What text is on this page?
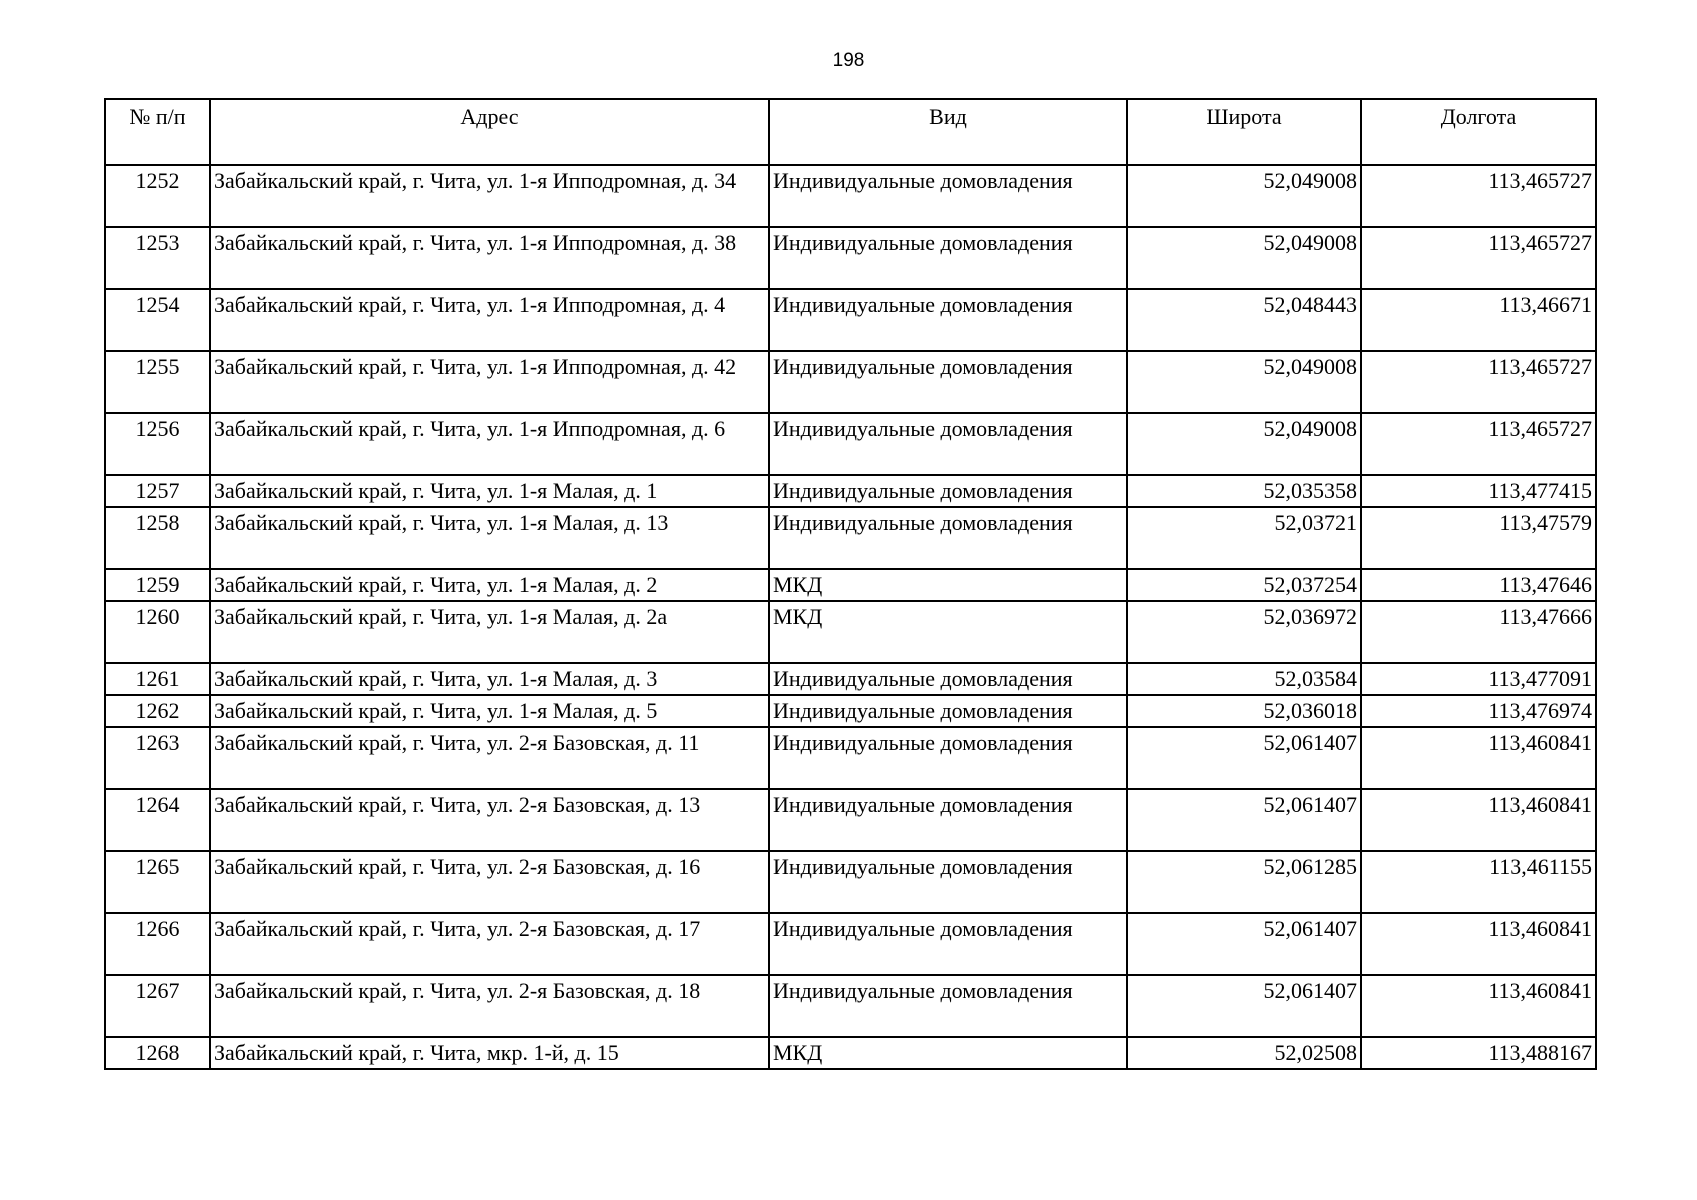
198
№ п/п	Адрес	Вид	Широта	Долгота
1252	Забайкальский край, г. Чита, ул. 1-я Ипподромная, д. 34	Индивидуальные домовладения	52,049008	113,465727
1253	Забайкальский край, г. Чита, ул. 1-я Ипподромная, д. 38	Индивидуальные домовладения	52,049008	113,465727
1254	Забайкальский край, г. Чита, ул. 1-я Ипподромная, д. 4	Индивидуальные домовладения	52,048443	113,46671
1255	Забайкальский край, г. Чита, ул. 1-я Ипподромная, д. 42	Индивидуальные домовладения	52,049008	113,465727
1256	Забайкальский край, г. Чита, ул. 1-я Ипподромная, д. 6	Индивидуальные домовладения	52,049008	113,465727
1257	Забайкальский край, г. Чита, ул. 1-я Малая, д. 1	Индивидуальные домовладения	52,035358	113,477415
1258	Забайкальский край, г. Чита, ул. 1-я Малая, д. 13	Индивидуальные домовладения	52,03721	113,47579
1259	Забайкальский край, г. Чита, ул. 1-я Малая, д. 2	МКД	52,037254	113,47646
1260	Забайкальский край, г. Чита, ул. 1-я Малая, д. 2а	МКД	52,036972	113,47666
1261	Забайкальский край, г. Чита, ул. 1-я Малая, д. 3	Индивидуальные домовладения	52,03584	113,477091
1262	Забайкальский край, г. Чита, ул. 1-я Малая, д. 5	Индивидуальные домовладения	52,036018	113,476974
1263	Забайкальский край, г. Чита, ул. 2-я Базовская, д. 11	Индивидуальные домовладения	52,061407	113,460841
1264	Забайкальский край, г. Чита, ул. 2-я Базовская, д. 13	Индивидуальные домовладения	52,061407	113,460841
1265	Забайкальский край, г. Чита, ул. 2-я Базовская, д. 16	Индивидуальные домовладения	52,061285	113,461155
1266	Забайкальский край, г. Чита, ул. 2-я Базовская, д. 17	Индивидуальные домовладения	52,061407	113,460841
1267	Забайкальский край, г. Чита, ул. 2-я Базовская, д. 18	Индивидуальные домовладения	52,061407	113,460841
1268	Забайкальский край, г. Чита, мкр. 1-й, д. 15	МКД	52,02508	113,488167
